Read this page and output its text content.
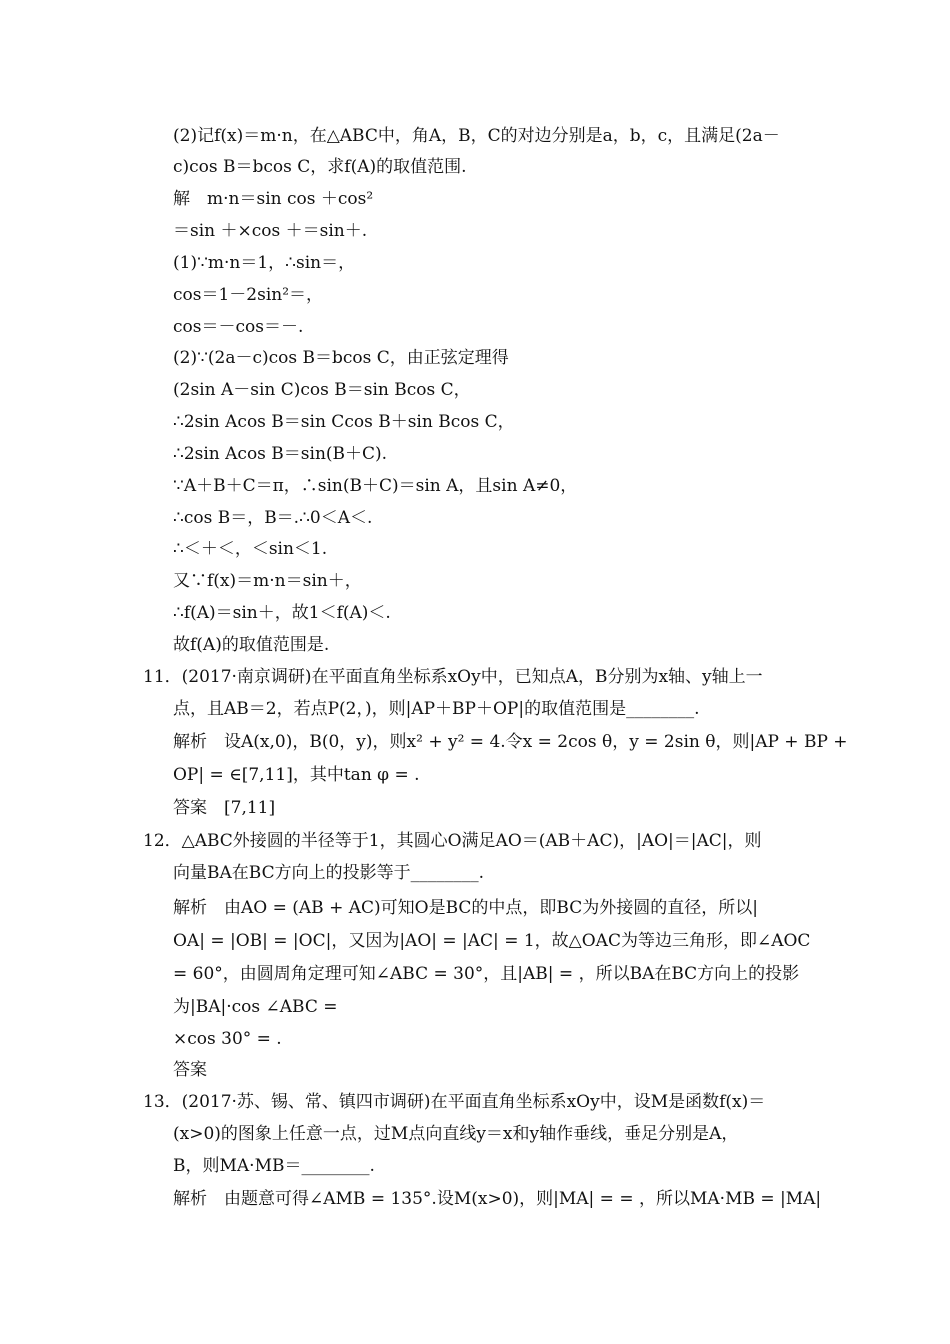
(2)记f(x)＝m·n，在△ABC中，角A，B，C的对边分别是a，b，c，且满足(2a－
c)cos B＝bcos C，求f(A)的取值范围.
解　m·n＝sin cos ＋cos²
＝sin ＋×cos ＋＝sin＋.
(1)∵m·n＝1，∴sin＝，
cos＝1－2sin²＝，
cos＝－cos＝－.
(2)∵(2a－c)cos B＝bcos C，由正弦定理得
(2sin A－sin C)cos B＝sin Bcos C，
∴2sin Acos B＝sin Ccos B＋sin Bcos C，
∴2sin Acos B＝sin(B＋C).
∵A＋B＋C＝π，∴sin(B＋C)＝sin A，且sin A≠0，
∴cos B＝，B＝.∴0＜A＜.
∴＜＋＜，＜sin＜1.
又∵f(x)＝m·n＝sin＋，
∴f(A)＝sin＋，故1＜f(A)＜.
故f(A)的取值范围是.
11．(2017·南京调研)在平面直角坐标系xOy中，已知点A，B分别为x轴、y轴上一
点，且AB＝2，若点P(2，)，则|AP＋BP＋OP|的取值范围是________.
解析　设A(x,0)，B(0，y)，则x² + y² = 4.令x = 2cos θ，y = 2sin θ，则|AP + BP +
OP| = ∈[7,11]，其中tan φ = .
答案　[7,11]
12．△ABC外接圆的半径等于1，其圆心O满足AO＝(AB＋AC)，|AO|＝|AC|，则
向量BA在BC方向上的投影等于________.
解析　由AO = (AB + AC)可知O是BC的中点，即BC为外接圆的直径，所以|
OA| = |OB| = |OC|，又因为|AO| = |AC| = 1，故△OAC为等边三角形，即∠AOC
= 60°，由圆周角定理可知∠ABC = 30°，且|AB| = ，所以BA在BC方向上的投影
为|BA|·cos ∠ABC =
×cos 30° = .
答案
13．(2017·苏、锡、常、镇四市调研)在平面直角坐标系xOy中，设M是函数f(x)＝
(x>0)的图象上任意一点，过M点向直线y＝x和y轴作垂线，垂足分别是A，
B，则MA·MB＝________.
解析　由题意可得∠AMB = 135°.设M(x>0)，则|MA| = = ，所以MA·MB = |MA|
